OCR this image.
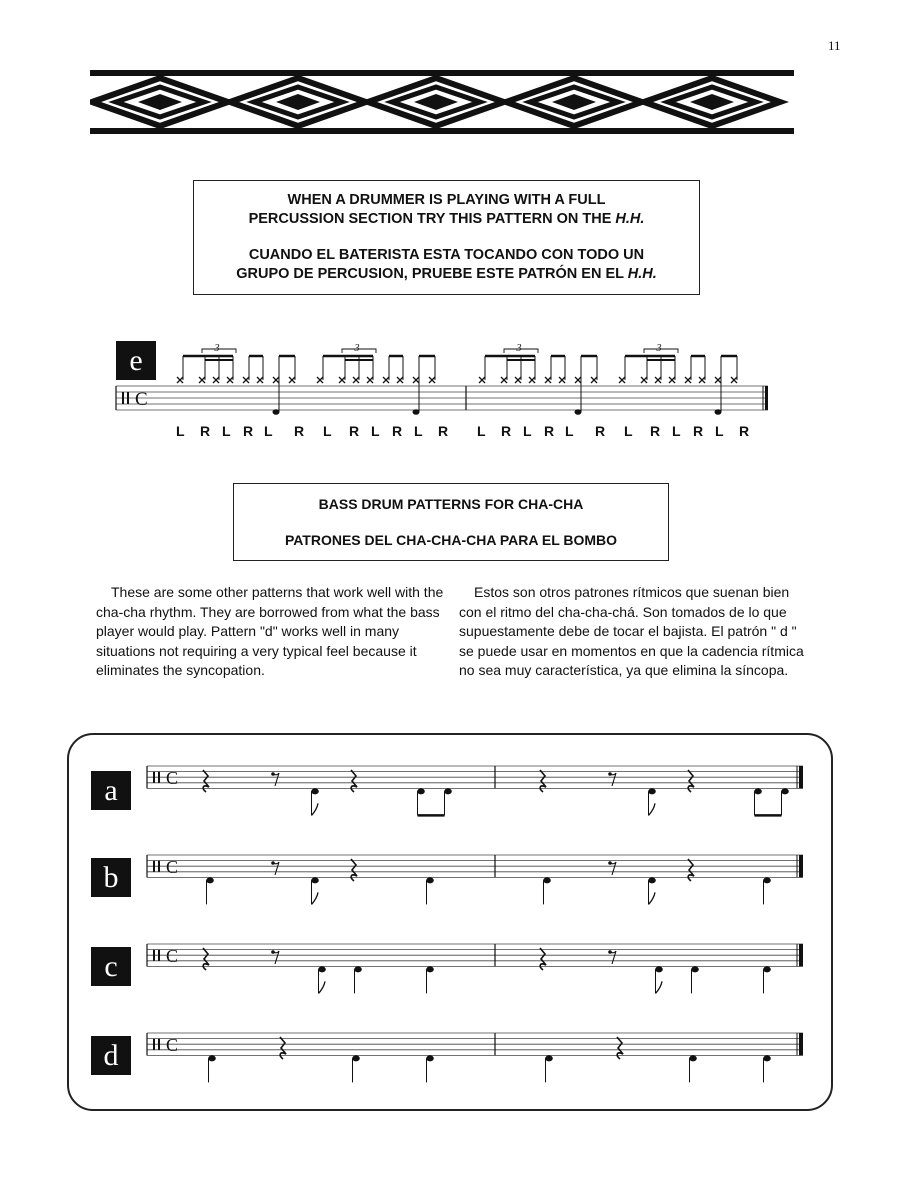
11

WHEN A DRUMMER IS PLAYING WITH A FULL

PERCUSSION SECTION TRY THIS PATTERN ON THE H.H.

CUANDO EL BATERISTA ESTA TOCANDO CON TODO UN

GRUPO DE PERCUSION, PRUEBE ESTE PATRÓN EN EL H.H.

e
C
3	3	3	3
L R L R L R L R L R L R L R L R L R L R L R L R

BASS DRUM PATTERNS FOR CHA-CHA

PATRONES DEL CHA-CHA-CHA PARA EL BOMBO

These are some other patterns that work well with the cha-cha rhythm. They are borrowed from what the bass player would play. Pattern "d" works well in many situations not requiring a very typical feel because it eliminates the syncopation.

Estos son otros patrones rítmicos que suenan bien con el ritmo del cha-cha-chá. Son tomados de lo que supuestamente debe de tocar el bajista. El patrón " d " se puede usar en momentos en que la cadencia rítmica no sea muy característica, ya que elimina la síncopa.

a
b
c
d
C
C
C
C
